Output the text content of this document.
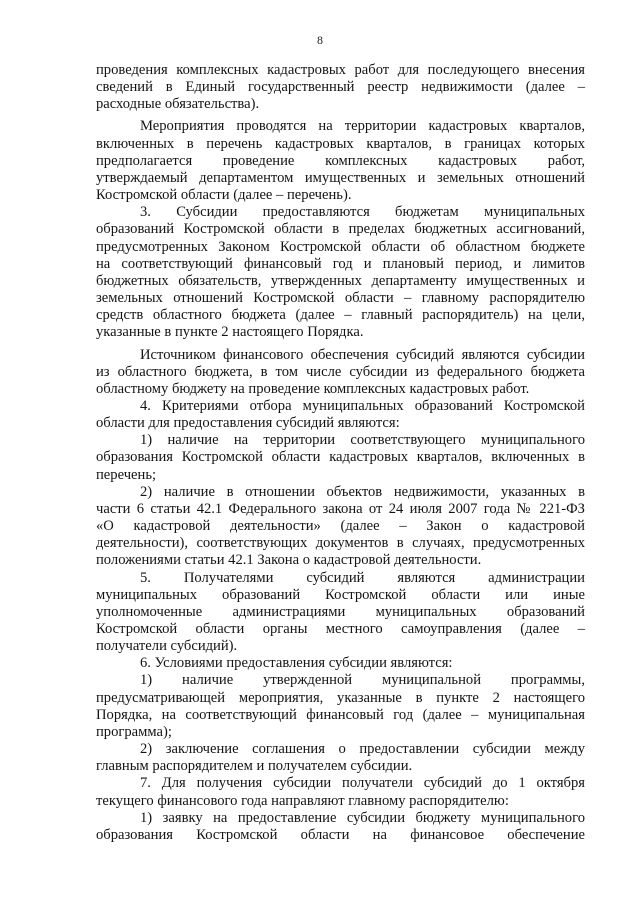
8

проведения комплексных кадастровых работ для последующего внесения

сведений в Единый государственный реестр недвижимости (далее –

расходные обязательства).

Мероприятия проводятся на территории кадастровых кварталов,

включенных в перечень кадастровых кварталов, в границах которых

предполагается проведение комплексных кадастровых работ,

утверждаемый департаментом имущественных и земельных отношений

Костромской области (далее – перечень).

3. Субсидии предоставляются бюджетам муниципальных

образований Костромской области в пределах бюджетных ассигнований,

предусмотренных Законом Костромской области об областном бюджете

на соответствующий финансовый год и плановый период, и лимитов

бюджетных обязательств, утвержденных департаменту имущественных и

земельных отношений Костромской области – главному распорядителю

средств областного бюджета (далее – главный распорядитель) на цели,

указанные в пункте 2 настоящего Порядка.

Источником финансового обеспечения субсидий являются субсидии

из областного бюджета, в том числе субсидии из федерального бюджета

областному бюджету на проведение комплексных кадастровых работ.

4. Критериями отбора муниципальных образований Костромской

области для предоставления субсидий являются:

1) наличие на территории соответствующего муниципального

образования Костромской области кадастровых кварталов, включенных в

перечень;

2) наличие в отношении объектов недвижимости, указанных в

части 6 статьи 42.1 Федерального закона от 24 июля 2007 года № 221-ФЗ

«О кадастровой деятельности» (далее – Закон о кадастровой

деятельности), соответствующих документов в случаях, предусмотренных

положениями статьи 42.1 Закона о кадастровой деятельности.

5. Получателями субсидий являются администрации

муниципальных образований Костромской области или иные

уполномоченные администрациями муниципальных образований

Костромской области органы местного самоуправления (далее –

получатели субсидий).

6. Условиями предоставления субсидии являются:

1) наличие утвержденной муниципальной программы,

предусматривающей мероприятия, указанные в пункте 2 настоящего

Порядка, на соответствующий финансовый год (далее – муниципальная

программа);

2) заключение соглашения о предоставлении субсидии между

главным распорядителем и получателем субсидии.

7. Для получения субсидии получатели субсидий до 1 октября

текущего финансового года направляют главному распорядителю:

1) заявку на предоставление субсидии бюджету муниципального

образования Костромской области на финансовое обеспечение
